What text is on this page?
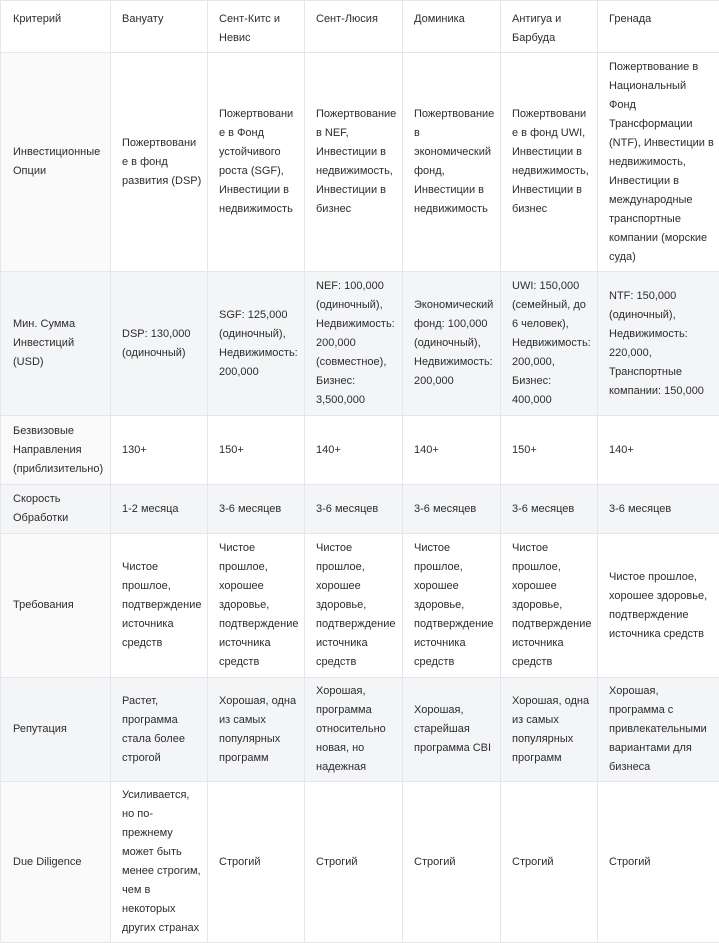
Критерий	Вануату	Сент-Китс и Невис	Сент-Люсия	Доминика	Антигуа и Барбуда	Гренада
Инвестиционные Опции	Пожертвование в фонд развития (DSP)	Пожертвование в Фонд устойчивого роста (SGF), Инвестиции в недвижимость	Пожертвование в NEF, Инвестиции в недвижимость, Инвестиции в бизнес	Пожертвование в экономический фонд, Инвестиции в недвижимость	Пожертвование в фонд UWI, Инвестиции в недвижимость, Инвестиции в бизнес	Пожертвование в Национальный Фонд Трансформации (NTF), Инвестиции в недвижимость, Инвестиции в международные транспортные компании (морские суда)
Мин. Сумма Инвестиций (USD)	DSP: 130,000 (одиночный)	SGF: 125,000 (одиночный), Недвижимость: 200,000	NEF: 100,000 (одиночный), Недвижимость: 200,000 (совместное), Бизнес: 3,500,000	Экономический фонд: 100,000 (одиночный), Недвижимость: 200,000	UWI: 150,000 (семейный, до 6 человек), Недвижимость: 200,000, Бизнес: 400,000	NTF: 150,000 (одиночный), Недвижимость: 220,000, Транспортные компании: 150,000
Безвизовые Направления (приблизительно)	130+	150+	140+	140+	150+	140+
Скорость Обработки	1-2 месяца	3-6 месяцев	3-6 месяцев	3-6 месяцев	3-6 месяцев	3-6 месяцев
Требования	Чистое прошлое, подтверждение источника средств	Чистое прошлое, хорошее здоровье, подтверждение источника средств	Чистое прошлое, хорошее здоровье, подтверждение источника средств	Чистое прошлое, хорошее здоровье, подтверждение источника средств	Чистое прошлое, хорошее здоровье, подтверждение источника средств	Чистое прошлое, хорошее здоровье, подтверждение источника средств
Репутация	Растет, программа стала более строгой	Хорошая, одна из самых популярных программ	Хорошая, программа относительно новая, но надежная	Хорошая, старейшая программа CBI	Хорошая, одна из самых популярных программ	Хорошая, программа с привлекательными вариантами для бизнеса
Due Diligence	Усиливается, но по-прежнему может быть менее строгим, чем в некоторых других странах	Строгий	Строгий	Строгий	Строгий	Строгий
